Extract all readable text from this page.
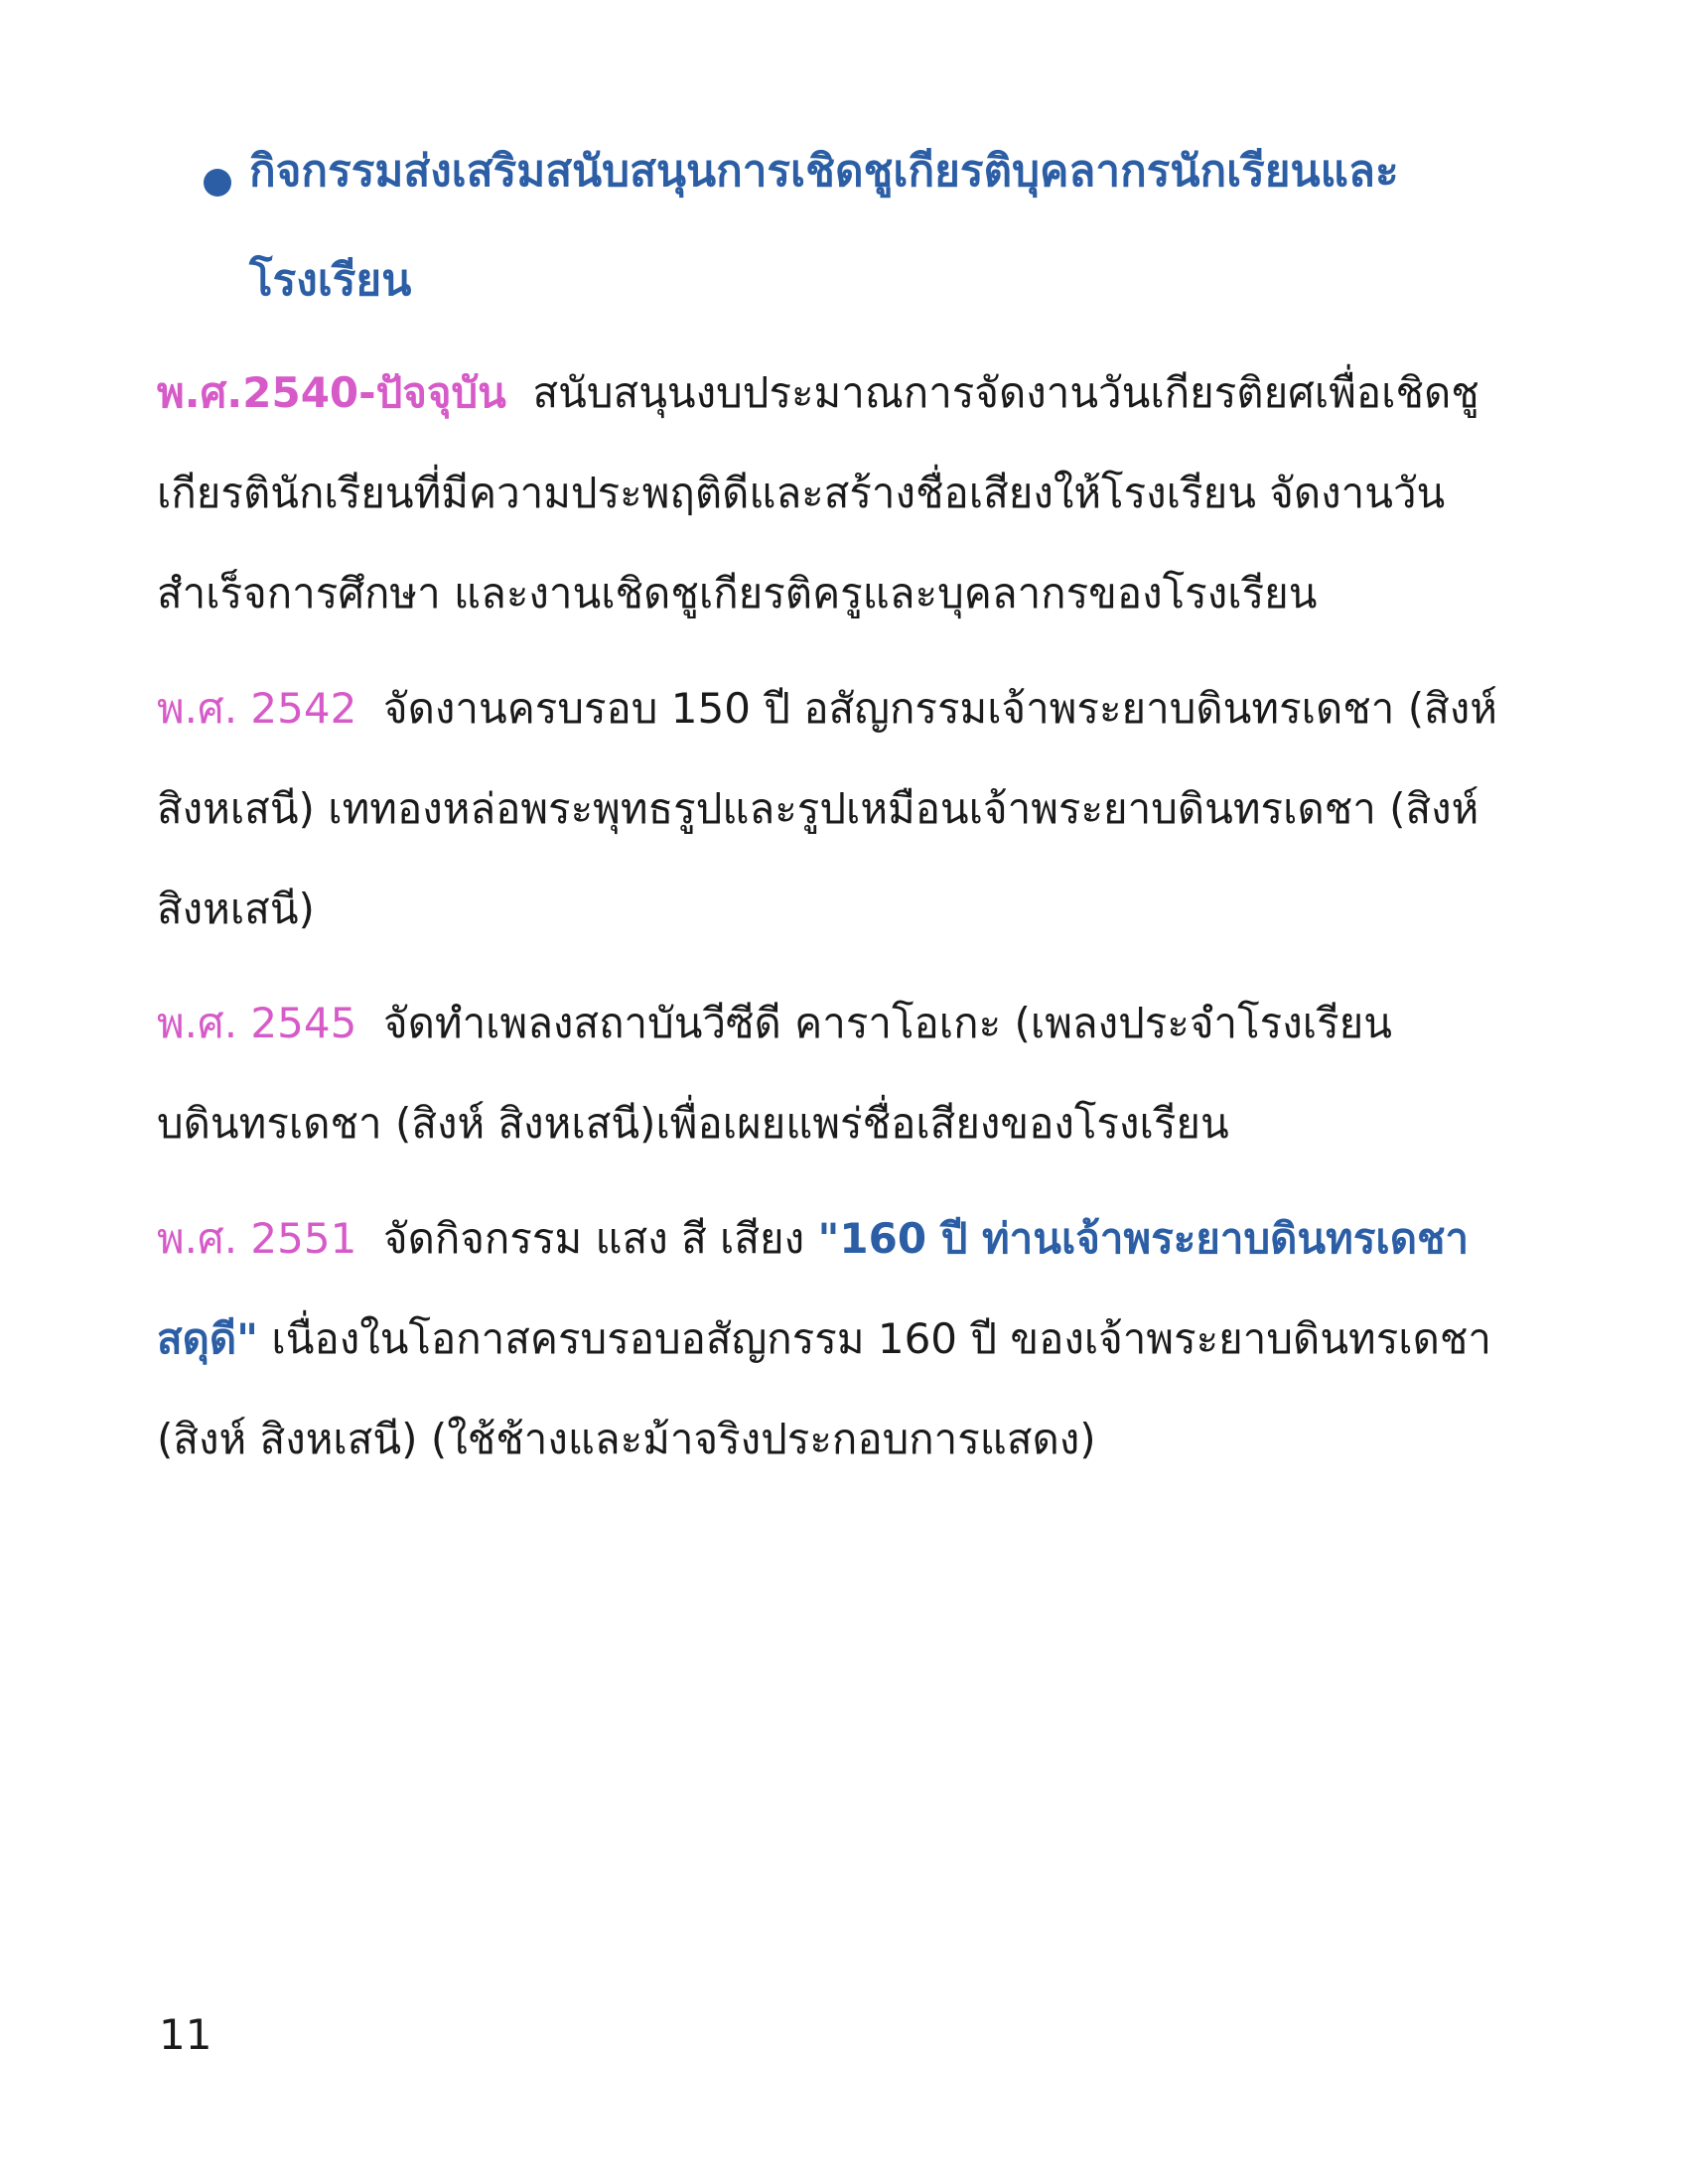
กิจกรรมส่งเสริมสนับสนุนการเชิดชูเกียรติบุคลากรนักเรียนและโรงเรียน

พ.ศ.2540-ปัจจุบัน สนับสนุนงบประมาณการจัดงานวันเกียรติยศเพื่อเชิดชูเกียรตินักเรียนที่มีความประพฤติดีและสร้างชื่อเสียงให้โรงเรียน จัดงานวันสำเร็จการศึกษา และงานเชิดชูเกียรติครูและบุคลากรของโรงเรียน

พ.ศ. 2542 จัดงานครบรอบ 150 ปี อสัญกรรมเจ้าพระยาบดินทรเดชา (สิงห์ สิงหเสนี) เททองหล่อพระพุทธรูปและรูปเหมือนเจ้าพระยาบดินทรเดชา (สิงห์ สิงหเสนี)

พ.ศ. 2545 จัดทำเพลงสถาบันวีซีดี คาราโอเกะ (เพลงประจำโรงเรียนบดินทรเดชา (สิงห์ สิงหเสนี)เพื่อเผยแพร่ชื่อเสียงของโรงเรียน

พ.ศ. 2551 จัดกิจกรรม แสง สี เสียง "160 ปี ท่านเจ้าพระยาบดินทรเดชาสดุดี" เนื่องในโอกาสครบรอบอสัญกรรม 160 ปี ของเจ้าพระยาบดินทรเดชา (สิงห์ สิงหเสนี) (ใช้ช้างและม้าจริงประกอบการแสดง)

11
